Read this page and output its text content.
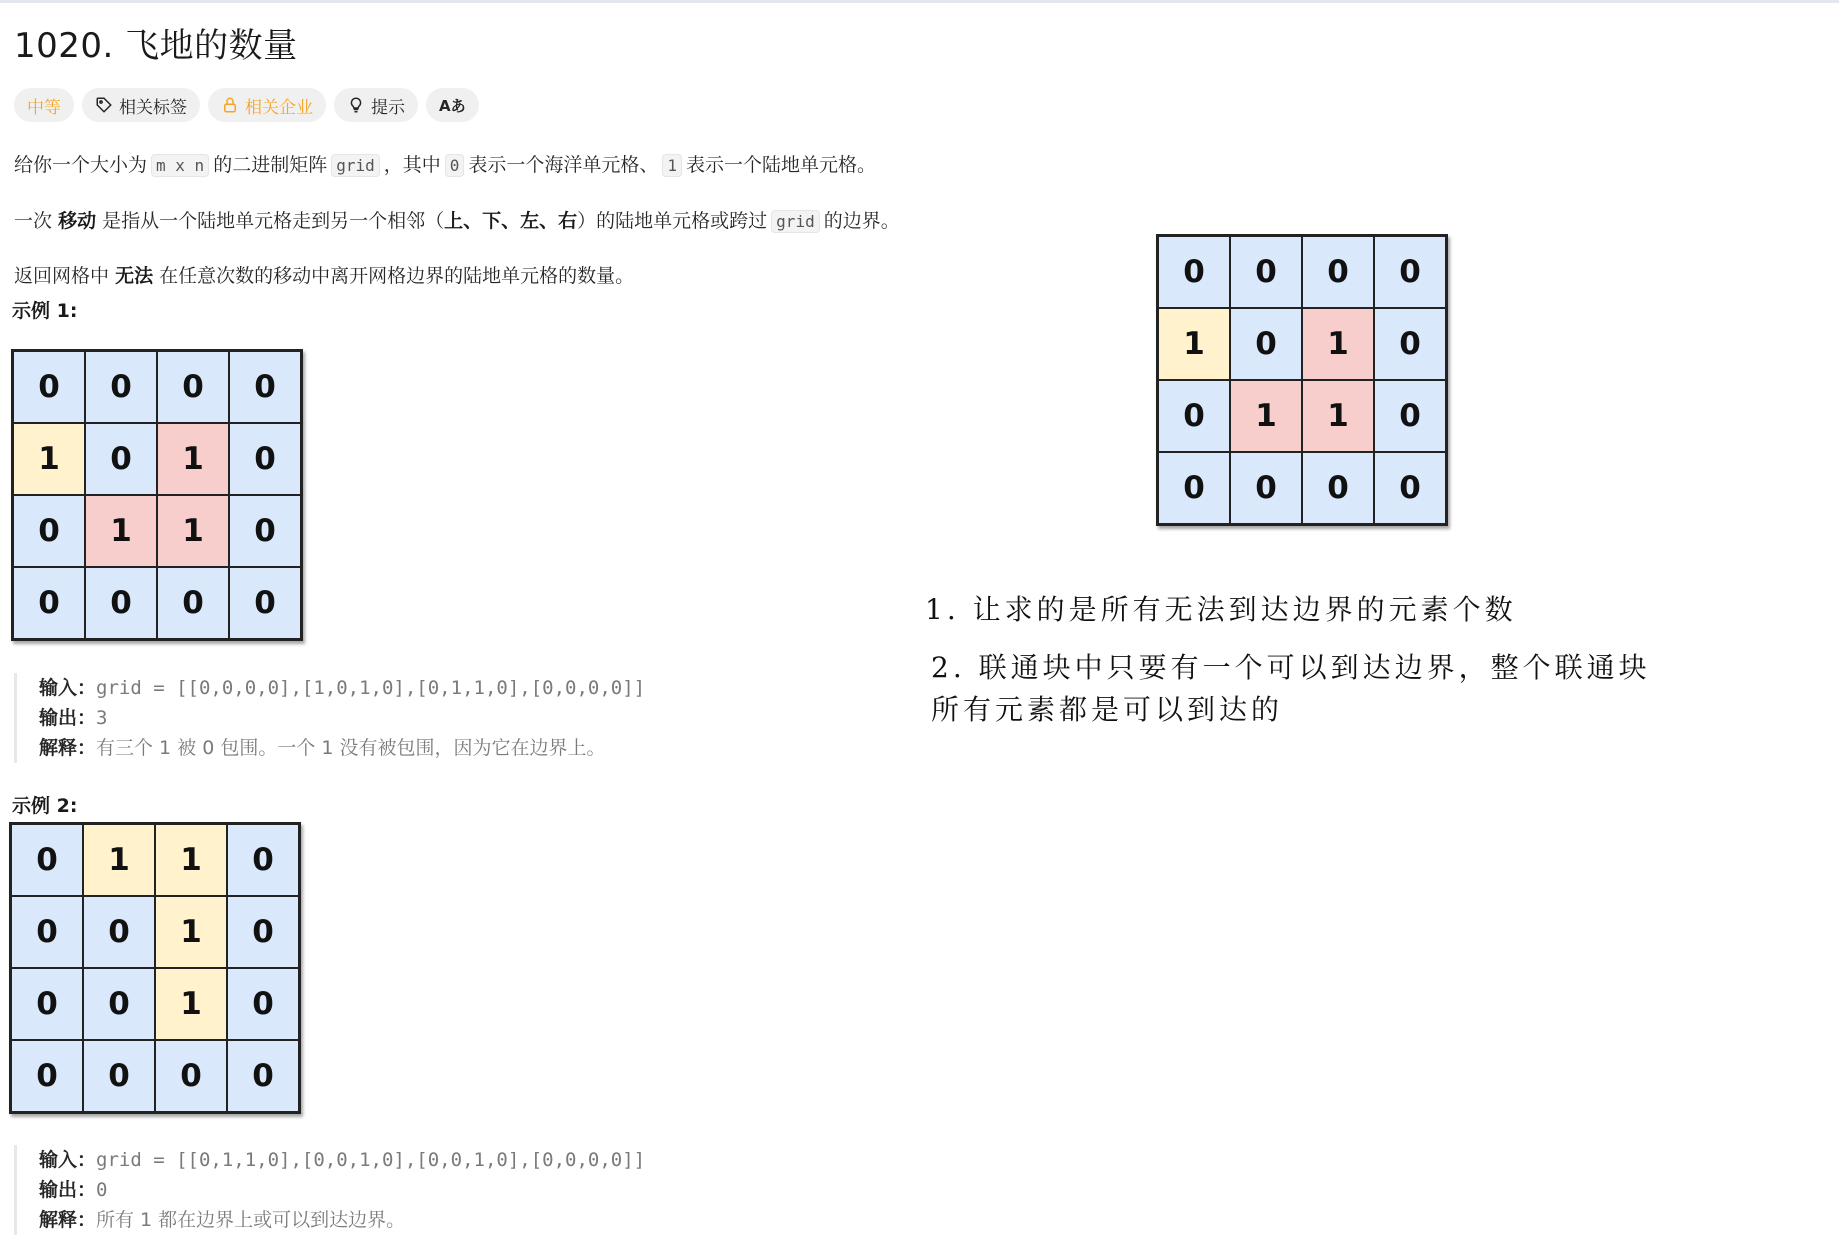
1020. 飞地的数量
中等	相关标签	相关企业	提示 Aあ

给你一个大小为 m x n 的二进制矩阵 grid ，其中 0 表示一个海洋单元格、 1 表示一个陆地单元格。

一次 移动 是指从一个陆地单元格走到另一个相邻（上、下、左、右）的陆地单元格或跨过 grid 的边界。

返回网格中 无法 在任意次数的移动中离开网格边界的陆地单元格的数量。

示例 1:
0	0	0	0
1	0	1	0
0	1	1	0
0	0	0	0
输入：grid = [[0,0,0,0],[1,0,1,0],[0,1,1,0],[0,0,0,0]]
输出：3
解释：有三个 1 被 0 包围。一个 1 没有被包围，因为它在边界上。
示例 2:
0	1	1	0
0	0	1	0
0	0	1	0
0	0	0	0
输入：grid = [[0,1,1,0],[0,0,1,0],[0,0,1,0],[0,0,0,0]]
输出：0
解释：所有 1 都在边界上或可以到达边界。
0	0	0	0
1	0	1	0
0	1	1	0
0	0	0	0
1. 让求的是所有无法到达边界的元素个数
2. 联通块中只要有一个可以到达边界，整个联通块
所有元素都是可以到达的
